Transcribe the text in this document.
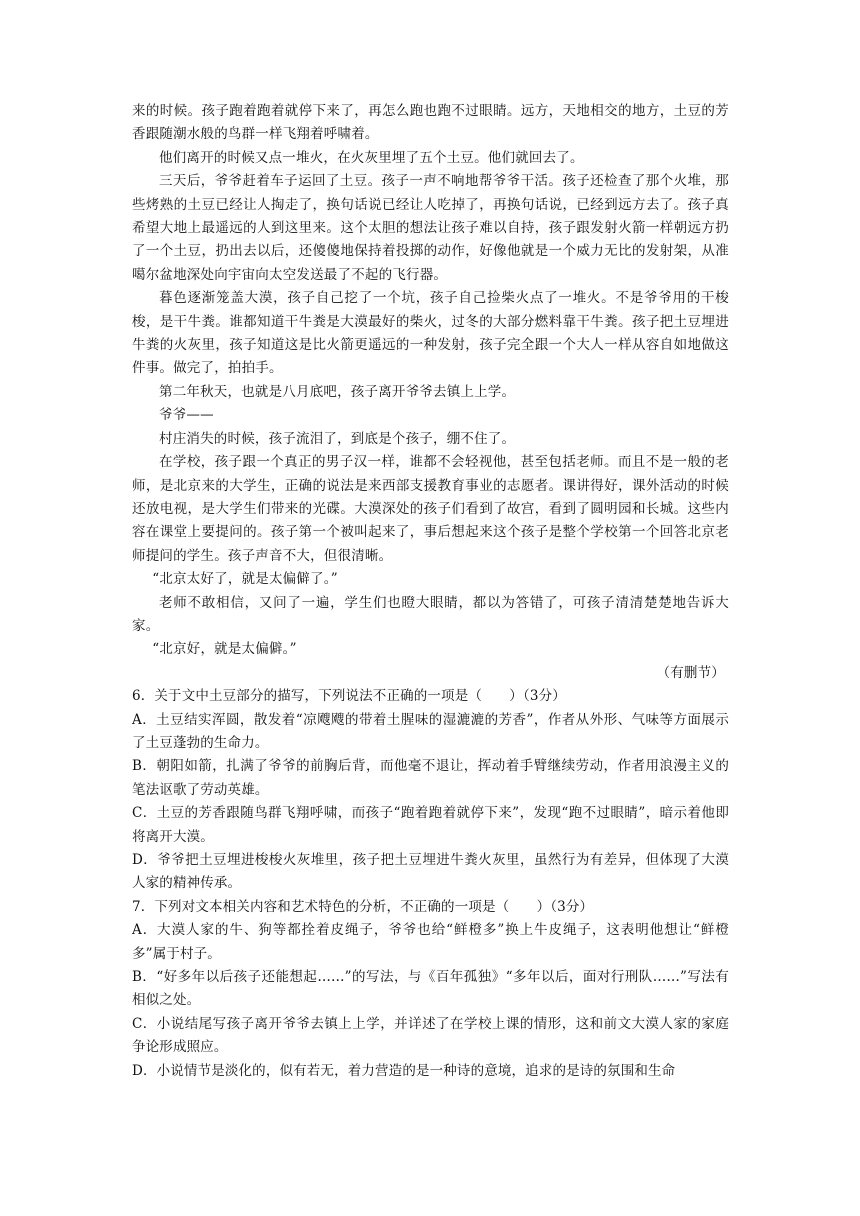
来的时候。孩子跑着跑着就停下来了，再怎么跑也跑不过眼睛。远方，天地相交的地方，土豆的芳香跟随潮水般的鸟群一样飞翔着呼啸着。

他们离开的时候又点一堆火，在火灰里埋了五个土豆。他们就回去了。

三天后，爷爷赶着车子运回了土豆。孩子一声不响地帮爷爷干活。孩子还检查了那个火堆，那些烤熟的土豆已经让人掏走了，换句话说已经让人吃掉了，再换句话说，已经到远方去了。孩子真希望大地上最遥远的人到这里来。这个太胆的想法让孩子难以自持，孩子跟发射火箭一样朝远方扔了一个土豆，扔出去以后，还傻傻地保持着投掷的动作，好像他就是一个威力无比的发射架，从准噶尔盆地深处向宇宙向太空发送最了不起的飞行器。

暮色逐渐笼盖大漠，孩子自己挖了一个坑，孩子自己捡柴火点了一堆火。不是爷爷用的干梭梭，是干牛粪。谁都知道干牛粪是大漠最好的柴火，过冬的大部分燃料靠干牛粪。孩子把土豆埋进牛粪的火灰里，孩子知道这是比火箭更遥远的一种发射，孩子完全跟一个大人一样从容自如地做这件事。做完了，拍拍手。

第二年秋天，也就是八月底吧，孩子离开爷爷去镇上上学。

爷爷——

村庄消失的时候，孩子流泪了，到底是个孩子，绷不住了。

在学校，孩子跟一个真正的男子汉一样，谁都不会轻视他，甚至包括老师。而且不是一般的老师，是北京来的大学生，正确的说法是来西部支援教育事业的志愿者。课讲得好，课外活动的时候还放电视，是大学生们带来的光碟。大漠深处的孩子们看到了故宫，看到了圆明园和长城。这些内容在课堂上要提问的。孩子第一个被叫起来了，事后想起来这个孩子是整个学校第一个回答北京老师提问的学生。孩子声音不大，但很清晰。

“北京太好了，就是太偏僻了。”

老师不敢相信，又问了一遍，学生们也瞪大眼睛，都以为答错了，可孩子清清楚楚地告诉大家。

“北京好，就是太偏僻。”

（有删节）

6．关于文中土豆部分的描写，下列说法不正确的一项是（　　）（3分）

A．土豆结实浑圆，散发着“凉飕飕的带着土腥味的湿漉漉的芳香”，作者从外形、气味等方面展示了土豆蓬勃的生命力。

B．朝阳如箭，扎满了爷爷的前胸后背，而他毫不退让，挥动着手臂继续劳动，作者用浪漫主义的笔法讴歌了劳动英雄。

C．土豆的芳香跟随鸟群飞翔呼啸，而孩子“跑着跑着就停下来”，发现“跑不过眼睛”，暗示着他即将离开大漠。

D．爷爷把土豆埋进梭梭火灰堆里，孩子把土豆埋进牛粪火灰里，虽然行为有差异，但体现了大漠人家的精神传承。

7．下列对文本相关内容和艺术特色的分析，不正确的一项是（　　）（3分）

A．大漠人家的牛、狗等都拴着皮绳子，爷爷也给“鲜橙多”换上牛皮绳子，这表明他想让“鲜橙多”属于村子。

B．“好多年以后孩子还能想起……”的写法，与《百年孤独》“多年以后，面对行刑队……”写法有相似之处。

C．小说结尾写孩子离开爷爷去镇上上学，并详述了在学校上课的情形，这和前文大漠人家的家庭争论形成照应。

D．小说情节是淡化的，似有若无，着力营造的是一种诗的意境，追求的是诗的氛围和生命
